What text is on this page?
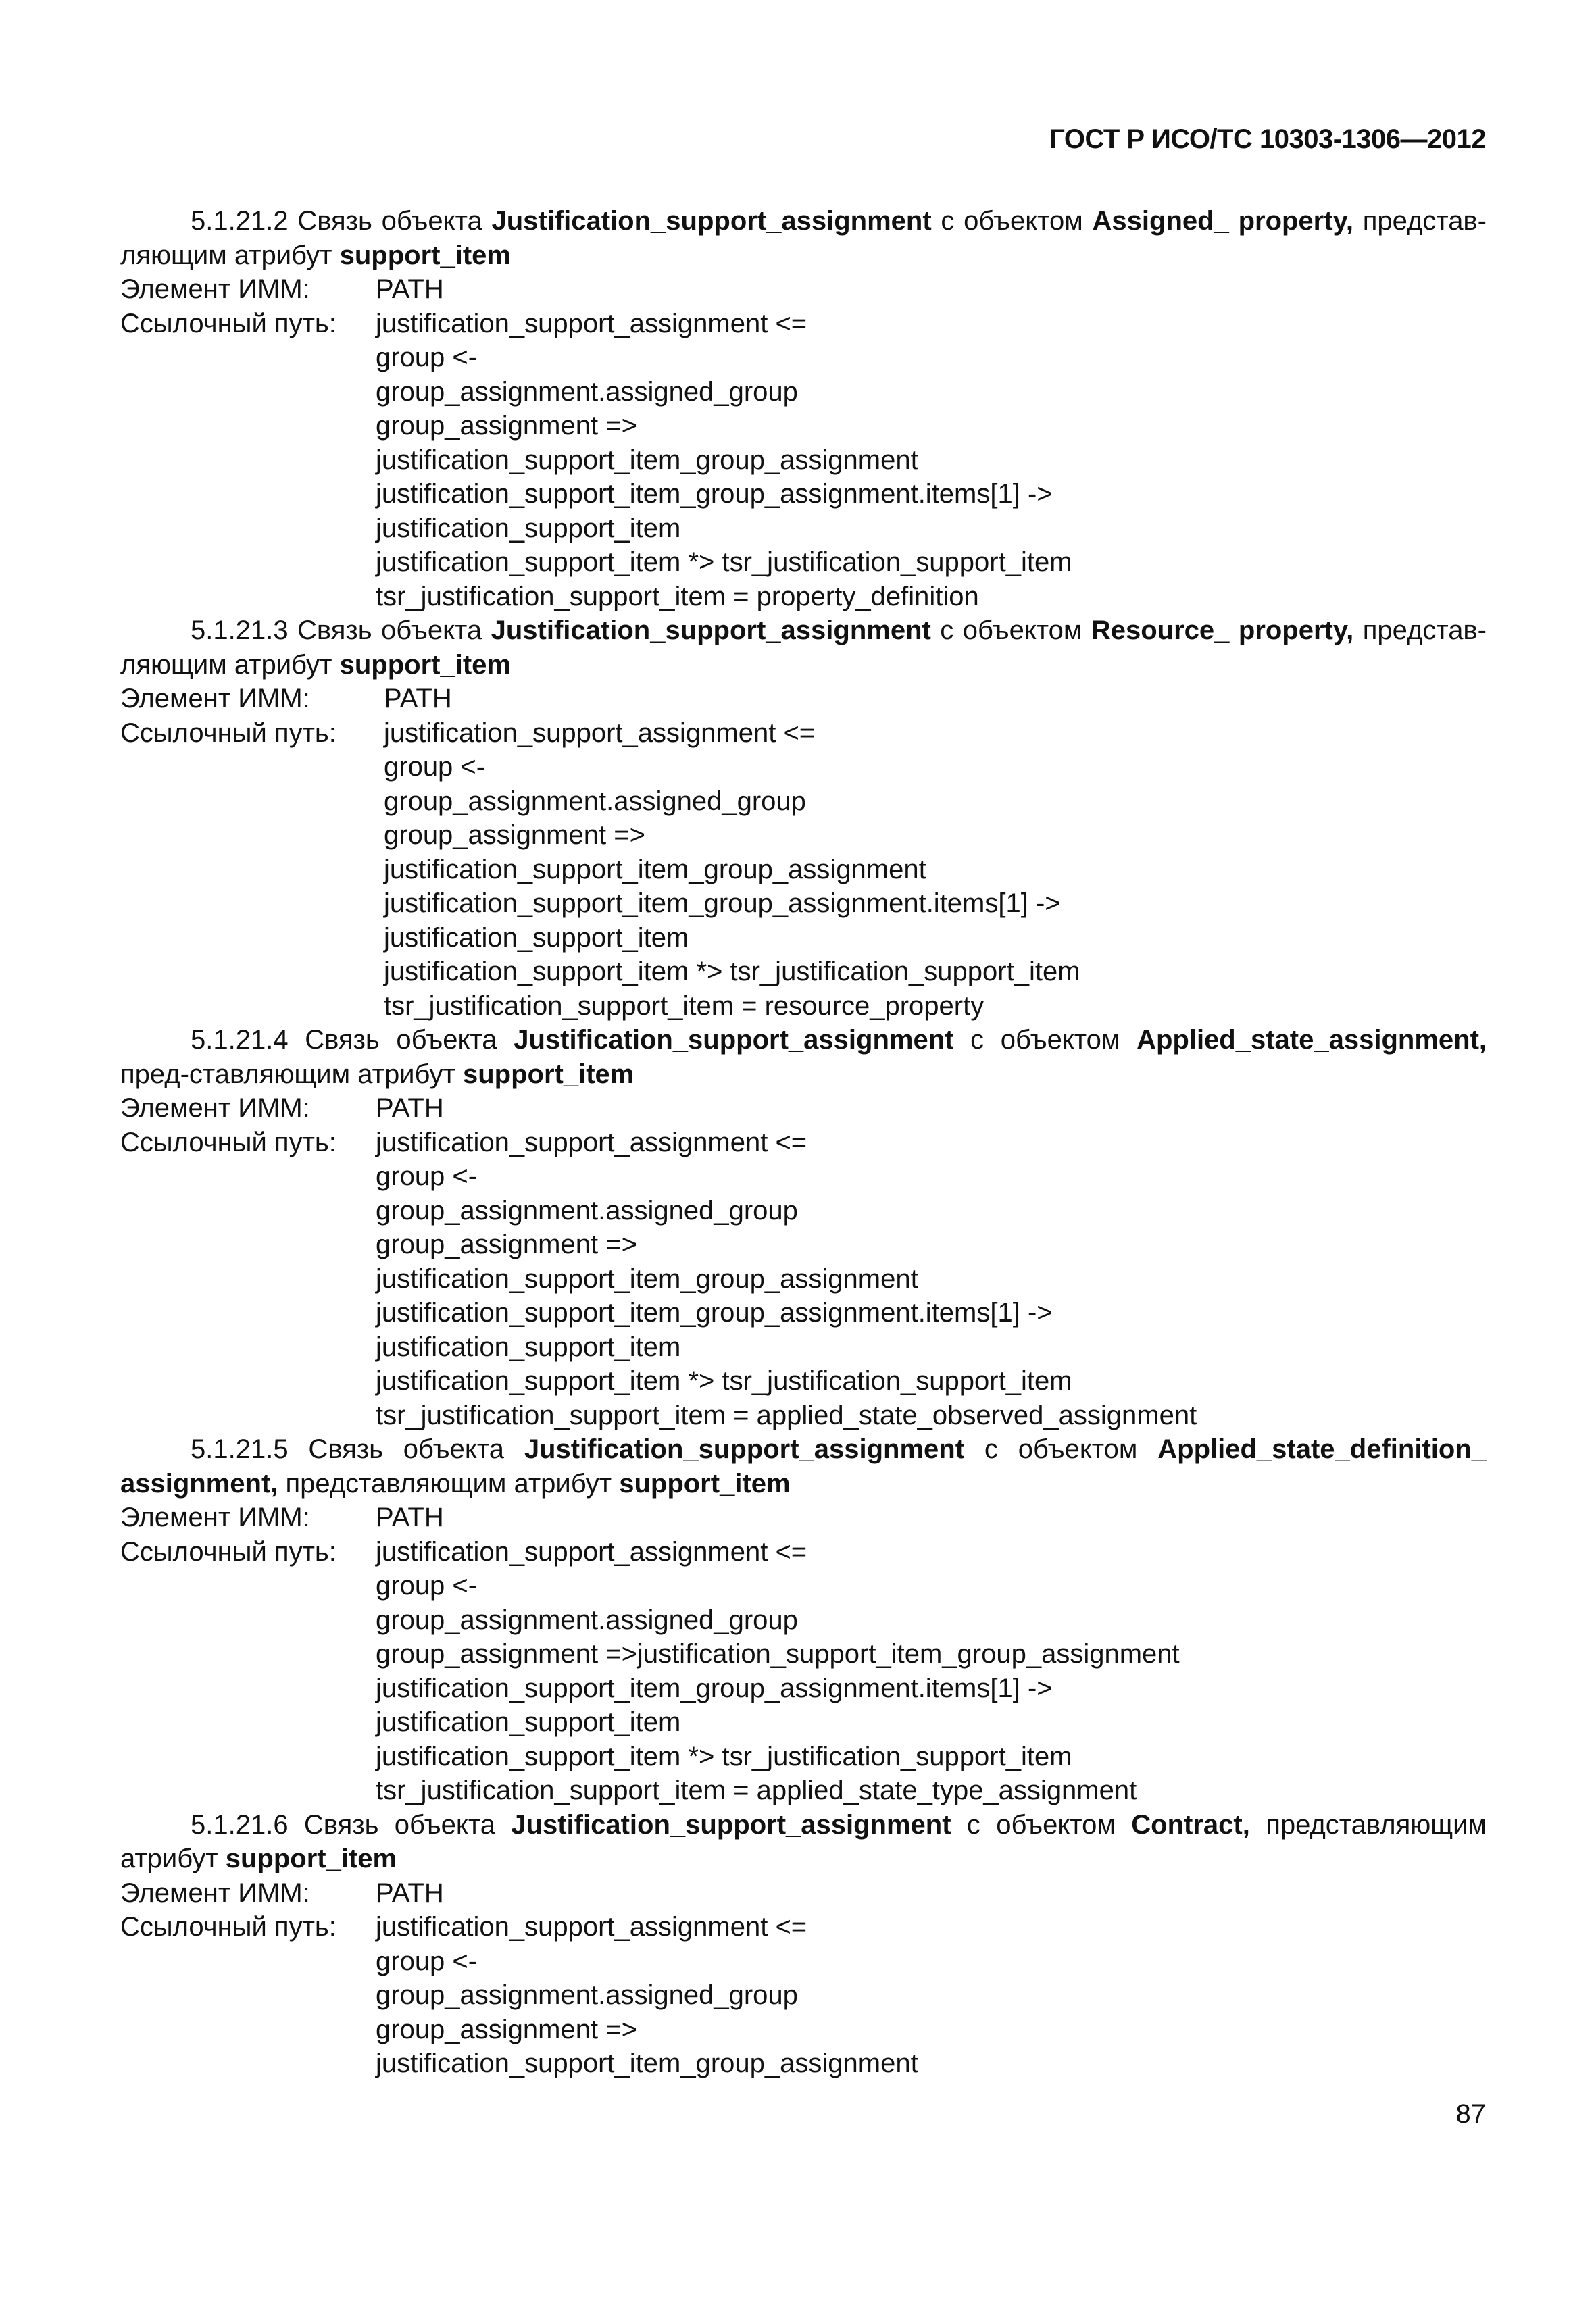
ГОСТ Р ИСО/ТС 10303-1306—2012

5.1.21.2 Связь объекта Justification_support_assignment с объектом Assigned_ property, представ-ляющим атрибут support_item

Элемент ИММ:	PATH
Ссылочный путь:	justification_support_assignment <=
group <-
group_assignment.assigned_group
group_assignment =>
justification_support_item_group_assignment
justification_support_item_group_assignment.items[1] ->
justification_support_item
justification_support_item *> tsr_justification_support_item
tsr_justification_support_item = property_definition

5.1.21.3 Связь объекта Justification_support_assignment с объектом Resource_ property, представ-ляющим атрибут support_item

Элемент ИММ:	PATH
Ссылочный путь:	justification_support_assignment <=
group <-
group_assignment.assigned_group
group_assignment =>
justification_support_item_group_assignment
justification_support_item_group_assignment.items[1] ->
justification_support_item
justification_support_item *> tsr_justification_support_item
tsr_justification_support_item = resource_property

5.1.21.4 Связь объекта Justification_support_assignment с объектом Applied_state_assignment, пред-ставляющим атрибут support_item

Элемент ИММ:	PATH
Ссылочный путь:	justification_support_assignment <=
group <-
group_assignment.assigned_group
group_assignment =>
justification_support_item_group_assignment
justification_support_item_group_assignment.items[1] ->
justification_support_item
justification_support_item *> tsr_justification_support_item
tsr_justification_support_item = applied_state_observed_assignment

5.1.21.5 Связь объекта Justification_support_assignment с объектом Applied_state_definition_ assignment, представляющим атрибут support_item

Элемент ИММ:	PATH
Ссылочный путь:	justification_support_assignment <=
group <-
group_assignment.assigned_group
group_assignment =>justification_support_item_group_assignment
justification_support_item_group_assignment.items[1] ->
justification_support_item
justification_support_item *> tsr_justification_support_item
tsr_justification_support_item = applied_state_type_assignment

5.1.21.6 Связь объекта Justification_support_assignment с объектом Contract, представляющим атрибут support_item

Элемент ИММ:	PATH
Ссылочный путь:	justification_support_assignment <=
group <-
group_assignment.assigned_group
group_assignment =>
justification_support_item_group_assignment
87
